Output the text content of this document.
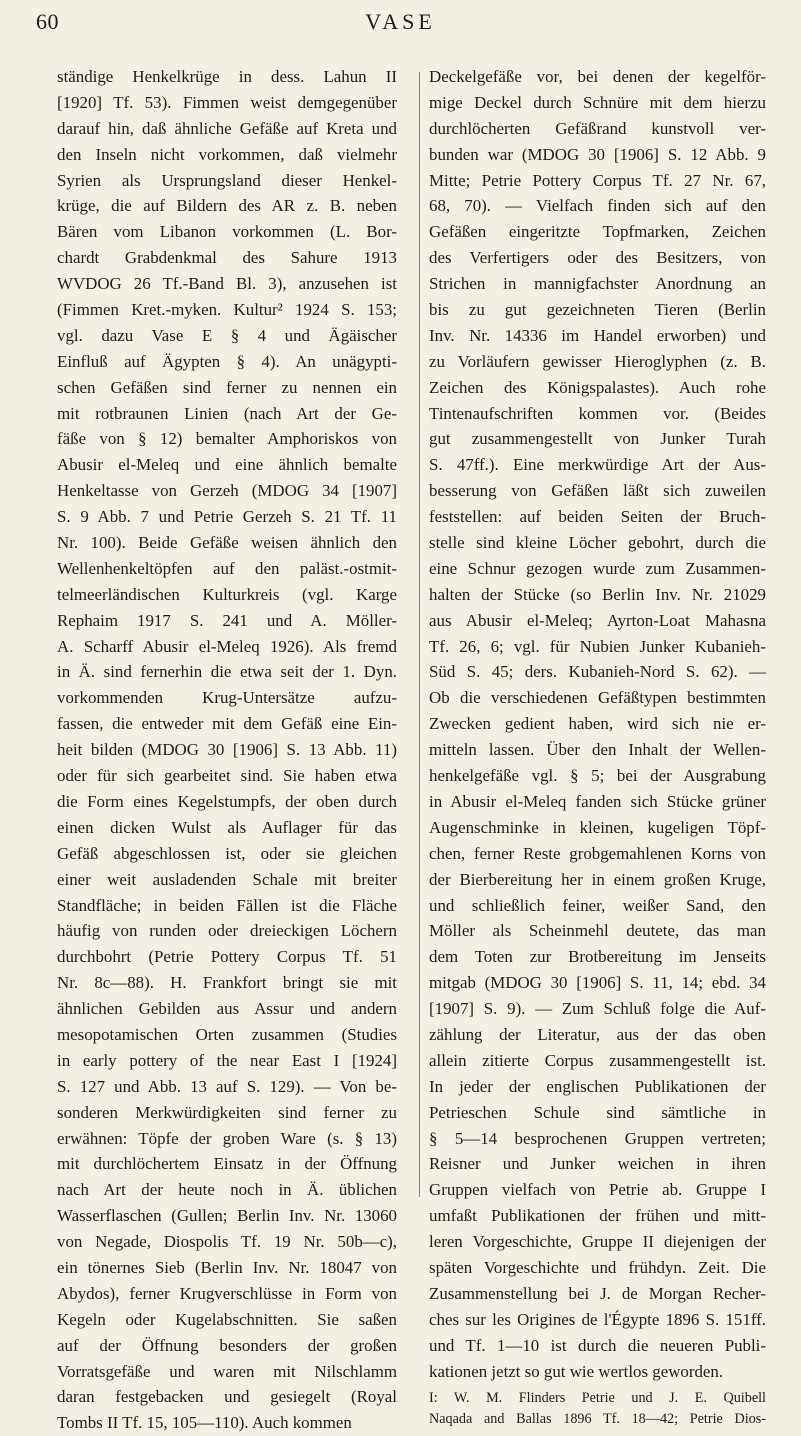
60	VASE
ständige Henkelkrüge in dess. Lahun II
[1920] Tf. 53). Fimmen weist demgegenüber
darauf hin, daß ähnliche Gefäße auf Kreta und
den Inseln nicht vorkommen, daß vielmehr
Syrien als Ursprungsland dieser Henkel-
krüge, die auf Bildern des AR z. B. neben
Bären vom Libanon vorkommen (L. Bor-
chardt Grabdenkmal des Sahure 1913
WVDOG 26 Tf.-Band Bl. 3), anzusehen ist
(Fimmen Kret.-myken. Kultur² 1924 S. 153;
vgl. dazu Vase E § 4 und Ägäischer
Einfluß auf Ägypten § 4). An unägypti-
schen Gefäßen sind ferner zu nennen ein
mit rotbraunen Linien (nach Art der Ge-
fäße von § 12) bemalter Amphoriskos von
Abusir el-Meleq und eine ähnlich bemalte
Henkeltasse von Gerzeh (MDOG 34 [1907]
S. 9 Abb. 7 und Petrie Gerzeh S. 21 Tf. 11
Nr. 100). Beide Gefäße weisen ähnlich den
Wellenhenkeltöpfen auf den paläst.-ostmit-
telmeerländischen Kulturkreis (vgl. Karge
Rephaim 1917 S. 241 und A. Möller-
A. Scharff Abusir el-Meleq 1926). Als fremd
in Ä. sind fernerhin die etwa seit der 1. Dyn.
vorkommenden Krug-Untersätze aufzu-
fassen, die entweder mit dem Gefäß eine Ein-
heit bilden (MDOG 30 [1906] S. 13 Abb. 11)
oder für sich gearbeitet sind. Sie haben etwa
die Form eines Kegelstumpfs, der oben durch
einen dicken Wulst als Auflager für das
Gefäß abgeschlossen ist, oder sie gleichen
einer weit ausladenden Schale mit breiter
Standfläche; in beiden Fällen ist die Fläche
häufig von runden oder dreieckigen Löchern
durchbohrt (Petrie Pottery Corpus Tf. 51
Nr. 8c—88). H. Frankfort bringt sie mit
ähnlichen Gebilden aus Assur und andern
mesopotamischen Orten zusammen (Studies
in early pottery of the near East I [1924]
S. 127 und Abb. 13 auf S. 129). — Von be-
sonderen Merkwürdigkeiten sind ferner zu
erwähnen: Töpfe der groben Ware (s. § 13)
mit durchlöchertem Einsatz in der Öffnung
nach Art der heute noch in Ä. üblichen
Wasserflaschen (Gullen; Berlin Inv. Nr. 13060
von Negade, Diospolis Tf. 19 Nr. 50b—c),
ein tönernes Sieb (Berlin Inv. Nr. 18047 von
Abydos), ferner Krugverschlüsse in Form von
Kegeln oder Kugelabschnitten. Sie saßen
auf der Öffnung besonders der großen
Vorratsgefäße und waren mit Nilschlamm
daran festgebacken und gesiegelt (Royal
Tombs II Tf. 15, 105—110). Auch kommen
Deckelgefäße vor, bei denen der kegelför-
mige Deckel durch Schnüre mit dem hierzu
durchlöcherten Gefäßrand kunstvoll ver-
bunden war (MDOG 30 [1906] S. 12 Abb. 9
Mitte; Petrie Pottery Corpus Tf. 27 Nr. 67,
68, 70). — Vielfach finden sich auf den
Gefäßen eingeritzte Topfmarken, Zeichen
des Verfertigers oder des Besitzers, von
Strichen in mannigfachster Anordnung an
bis zu gut gezeichneten Tieren (Berlin
Inv. Nr. 14336 im Handel erworben) und
zu Vorläufern gewisser Hieroglyphen (z. B.
Zeichen des Königspalastes). Auch rohe
Tintenaufschriften kommen vor. (Beides
gut zusammengestellt von Junker Turah
S. 47ff.). Eine merkwürdige Art der Aus-
besserung von Gefäßen läßt sich zuweilen
feststellen: auf beiden Seiten der Bruch-
stelle sind kleine Löcher gebohrt, durch die
eine Schnur gezogen wurde zum Zusammen-
halten der Stücke (so Berlin Inv. Nr. 21029
aus Abusir el-Meleq; Ayrton-Loat Mahasna
Tf. 26, 6; vgl. für Nubien Junker Kubanieh-
Süd S. 45; ders. Kubanieh-Nord S. 62). —
Ob die verschiedenen Gefäßtypen bestimmten
Zwecken gedient haben, wird sich nie er-
mitteln lassen. Über den Inhalt der Wellen-
henkelgefäße vgl. § 5; bei der Ausgrabung
in Abusir el-Meleq fanden sich Stücke grüner
Augenschminke in kleinen, kugeligen Töpf-
chen, ferner Reste grobgemahlenen Korns von
der Bierbereitung her in einem großen Kruge,
und schließlich feiner, weißer Sand, den
Möller als Scheinmehl deutete, das man
dem Toten zur Brotbereitung im Jenseits
mitgab (MDOG 30 [1906] S. 11, 14; ebd. 34
[1907] S. 9). — Zum Schluß folge die Auf-
zählung der Literatur, aus der das oben
allein zitierte Corpus zusammengestellt ist.
In jeder der englischen Publikationen der
Petrieschen Schule sind sämtliche in
§ 5—14 besprochenen Gruppen vertreten;
Reisner und Junker weichen in ihren
Gruppen vielfach von Petrie ab. Gruppe I
umfaßt Publikationen der frühen und mitt-
leren Vorgeschichte, Gruppe II diejenigen der
späten Vorgeschichte und frühdyn. Zeit. Die
Zusammenstellung bei J. de Morgan Recher-
ches sur les Origines de l'Égypte 1896 S. 151ff.
und Tf. 1—10 ist durch die neueren Publi-
kationen jetzt so gut wie wertlos geworden.
I: W. M. Flinders Petrie und J. E. Quibell
Naqada and Ballas 1896 Tf. 18—42; Petrie Dios-
